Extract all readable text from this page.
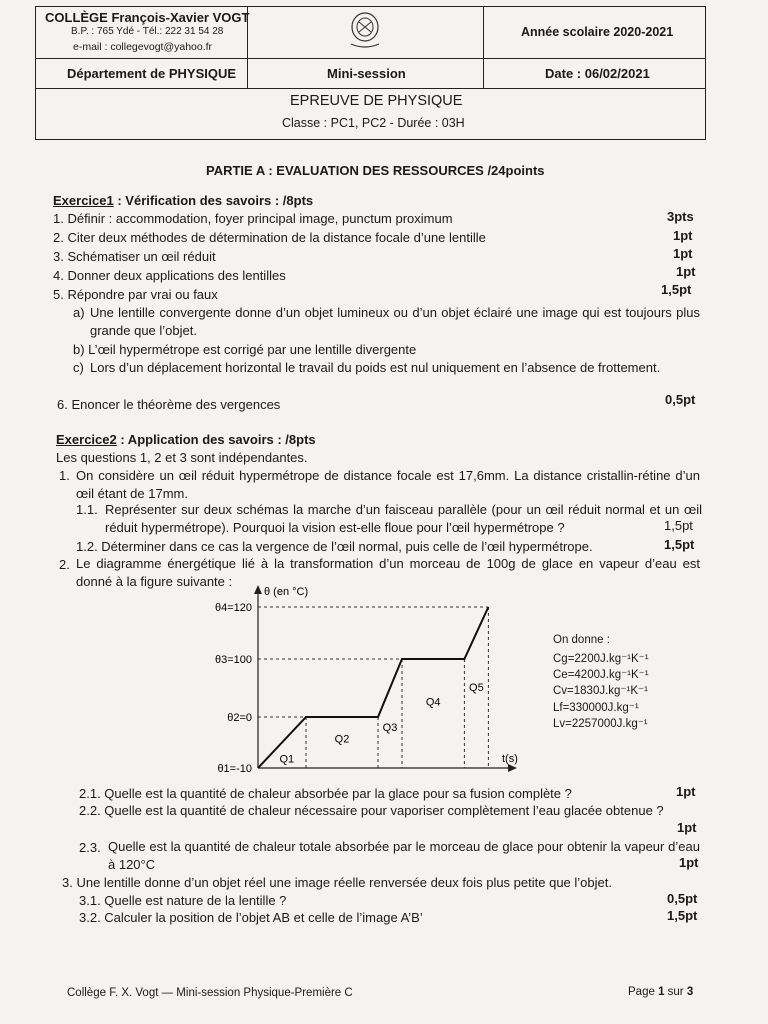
COLLÈGE François-Xavier VOGT
B.P. : 765 Ydé - Tél.: 222 31 54 28
e-mail : collegevogt@yahoo.fr
Année scolaire 2020-2021
Département de PHYSIQUE	Mini-session	Date : 06/02/2021
EPREUVE DE PHYSIQUE
Classe : PC1, PC2 - Durée : 03H
PARTIE A : EVALUATION DES RESSOURCES /24points
Exercice1 : Vérification des savoirs : /8pts
1. Définir : accommodation, foyer principal image, punctum proximum	3pts
2. Citer deux méthodes de détermination de la distance focale d’une lentille	1pt
3. Schématiser un œil réduit	1pt
4. Donner deux applications des lentilles	1pt
5. Répondre par vrai ou faux	1,5pt
a) Une lentille convergente donne d’un objet lumineux ou d’un objet éclairé une image qui est toujours plus grande que l’objet.
b) L’œil hypermétrope est corrigé par une lentille divergente
c) Lors d’un déplacement horizontal le travail du poids est nul uniquement en l’absence de frottement.
6. Enoncer le théorème des vergences	0,5pt
Exercice2 : Application des savoirs : /8pts
Les questions 1, 2 et 3 sont indépendantes.
1. On considère un œil réduit hypermétrope de distance focale est 17,6mm. La distance cristallin-rétine d’un œil étant de 17mm.
1.1. Représenter sur deux schémas la marche d’un faisceau parallèle (pour un œil réduit normal et un œil réduit hypermétrope). Pourquoi la vision est-elle floue pour l’œil hypermétrope ?	1,5pt
1.2. Déterminer dans ce cas la vergence de l’œil normal, puis celle de l’œil hypermétrope.	1,5pt
2. Le diagramme énergétique lié à la transformation d’un morceau de 100g de glace en vapeur d’eau est donné à la figure suivante :
θ (en °C)
t(s)
θ4=120
θ3=100
θ2=0
θ1=-10
Q1
Q2
Q3
Q4
Q5
On donne :
Cg=2200J.kg⁻¹K⁻¹
Ce=4200J.kg⁻¹K⁻¹
Cv=1830J.kg⁻¹K⁻¹
Lf=330000J.kg⁻¹
Lv=2257000J.kg⁻¹
2.1. Quelle est la quantité de chaleur absorbée par la glace pour sa fusion complète ?	1pt
2.2. Quelle est la quantité de chaleur nécessaire pour vaporiser complètement l’eau glacée obtenue ?
1pt
2.3. Quelle est la quantité de chaleur totale absorbée par le morceau de glace pour obtenir la vapeur d’eau à 120°C	1pt
3. Une lentille donne d’un objet réel une image réelle renversée deux fois plus petite que l’objet.
3.1. Quelle est nature de la lentille ?	0,5pt
3.2. Calculer la position de l’objet AB et celle de l’image A’B’	1,5pt
Collège F. X. Vogt — Mini-session Physique-Première C	Page 1 sur 3
